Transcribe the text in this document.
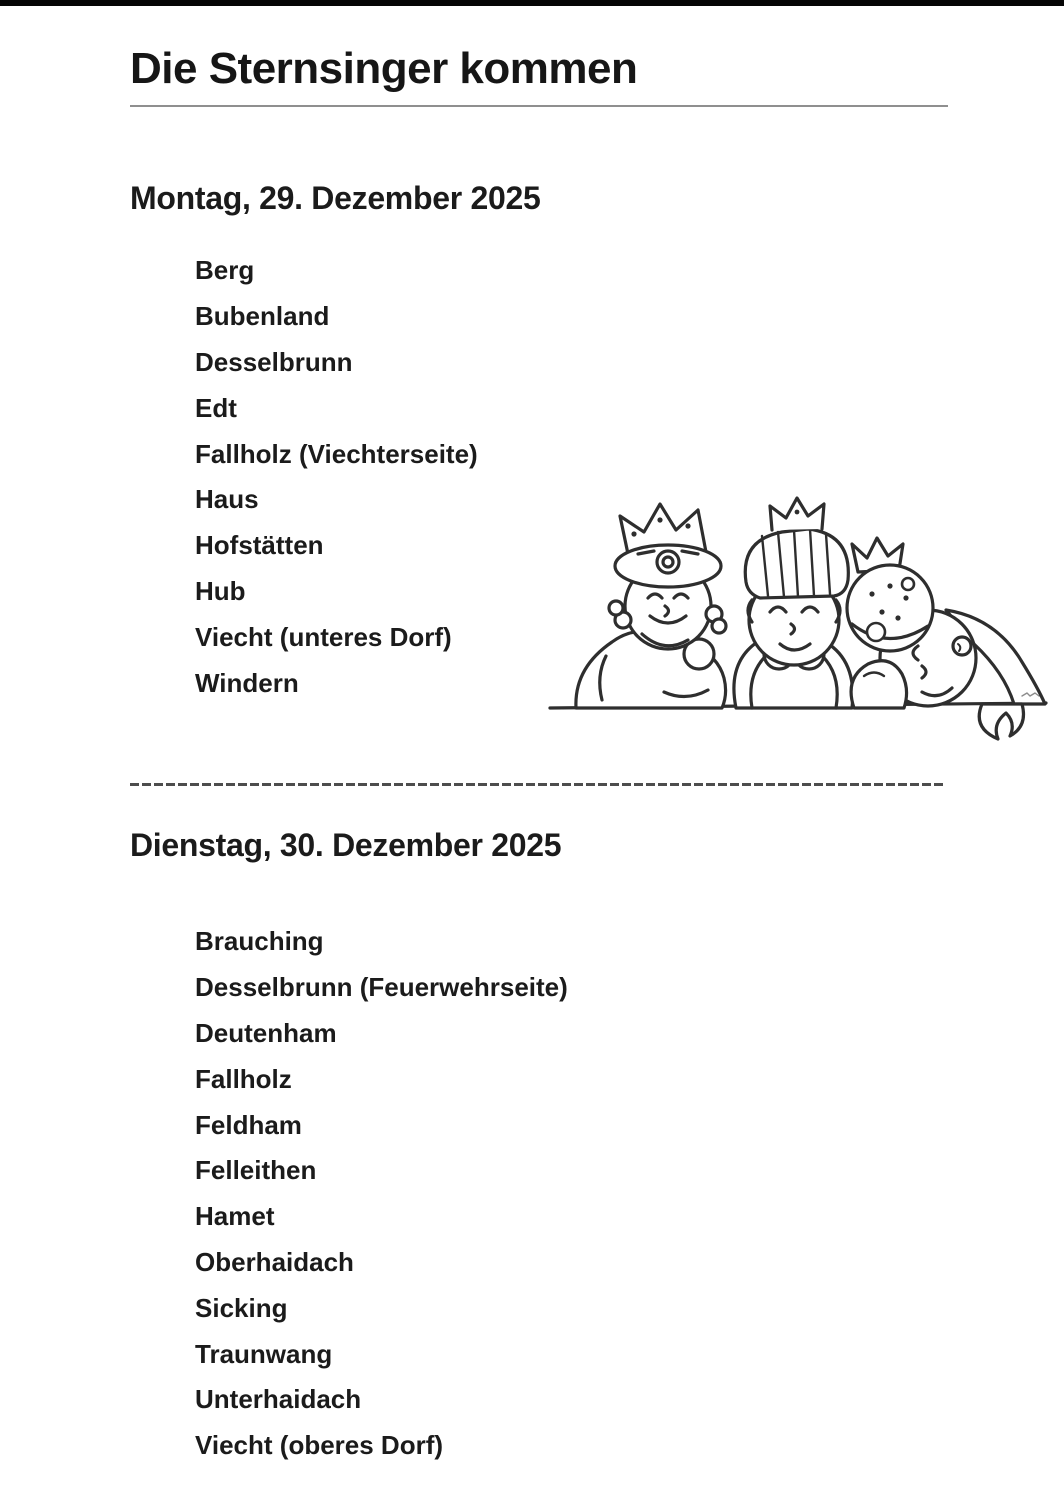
Die Sternsinger kommen
Montag, 29. Dezember 2025
Berg
Bubenland
Desselbrunn
Edt
Fallholz (Viechterseite)
Haus
Hofstätten
Hub
Viecht (unteres Dorf)
Windern
Dienstag, 30. Dezember 2025
Brauching
Desselbrunn (Feuerwehrseite)
Deutenham
Fallholz
Feldham
Felleithen
Hamet
Oberhaidach
Sicking
Traunwang
Unterhaidach
Viecht (oberes Dorf)
